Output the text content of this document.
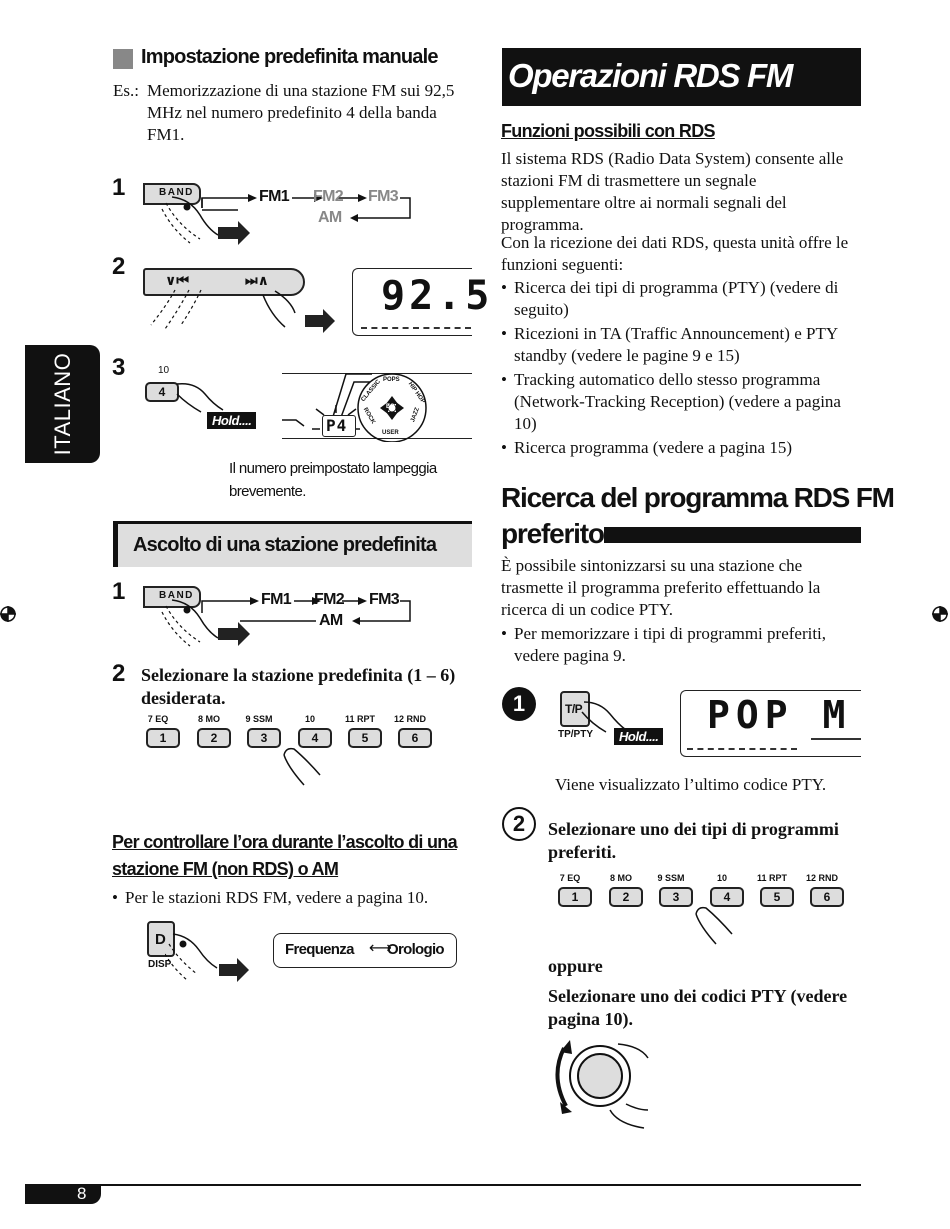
ITALIANO
Impostazione predefinita manuale
Es.: Memorizzazione di una stazione FM sui 92,5 MHz nel numero predefinito 4 della banda FM1.
1	BAND	FM1 FM2 FM3
AM
2
∨⏮	⏭∧	92.5
3	10
4
Hold....
POPS
CLASSIC	HIP HOP
JAZZ
ROCK
USER
EQ
P4
Il numero preimpostato lampeggia brevemente.
Ascolto di una stazione predefinita
1	BAND	FM1 FM2 FM3
AM
2 Selezionare la stazione predefinita (1 – 6) desiderata.
7 EQ
1
8 MO
2
9 SSM
3
10
4
11 RPT
5
12 RND
6
Per controllare l’ora durante l’ascolto di una stazione FM (non RDS) o AM
• Per le stazioni RDS FM, vedere a pagina 10.
D
DISP
Frequenza ⟷
Orologio
Operazioni RDS FM
Funzioni possibili con RDS
Il sistema RDS (Radio Data System) consente alle stazioni FM di trasmettere un segnale supplementare oltre ai normali segnali del programma.
Con la ricezione dei dati RDS, questa unità offre le funzioni seguenti:
• Ricerca dei tipi di programma (PTY) (vedere di seguito)
• Ricezioni in TA (Traffic Announcement) e PTY standby (vedere le pagine 9 e 15)
• Tracking automatico dello stesso programma (Network-Tracking Reception) (vedere a pagina 10)
• Ricerca programma (vedere a pagina 15)
Ricerca del programma RDS FM
preferito
È possibile sintonizzarsi su una stazione che trasmette il programma preferito effettuando la ricerca di un codice PTY.
• Per memorizzare i tipi di programmi preferiti, vedere pagina 9.
1	T/P
TP/PTY	Hold.... POP M
Viene visualizzato l’ultimo codice PTY.
2	Selezionare uno dei tipi di programmi preferiti.
7 EQ
1
8 MO
2
9 SSM
3
10
4
11 RPT
5
12 RND
6
oppure
Selezionare uno dei codici PTY (vedere pagina 10).
8
